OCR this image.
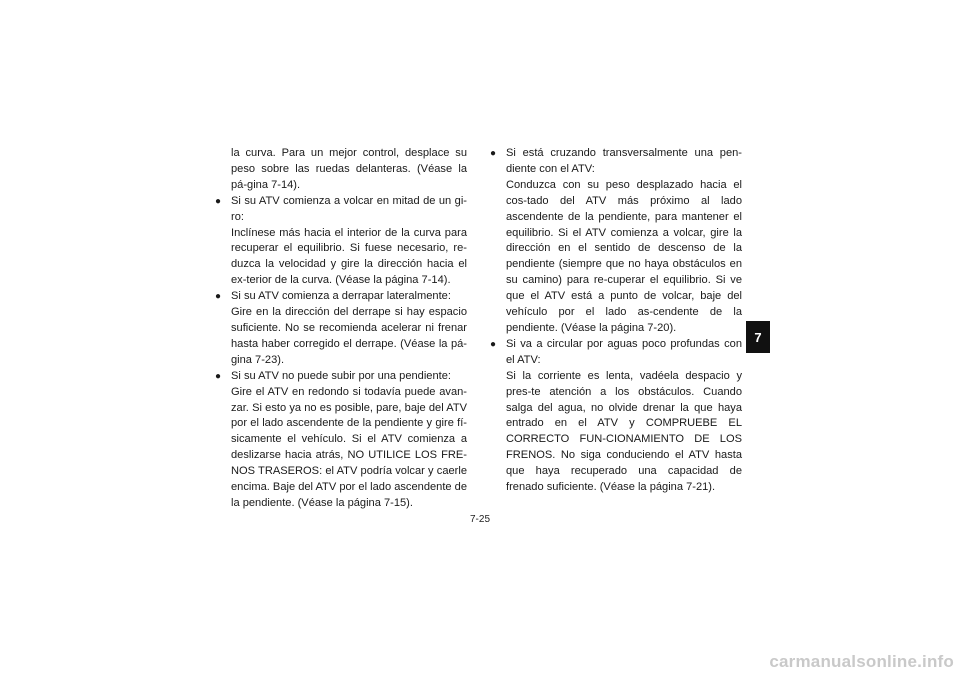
la curva. Para un mejor control, desplace su peso sobre las ruedas delanteras. (Véase la pá-gina 7-14).

● Si su ATV comienza a volcar en mitad de un gi-ro:
Inclínese más hacia el interior de la curva para recuperar el equilibrio. Si fuese necesario, re-duzca la velocidad y gire la dirección hacia el ex-terior de la curva. (Véase la página 7-14).

● Si su ATV comienza a derrapar lateralmente:
Gire en la dirección del derrape si hay espacio suficiente. No se recomienda acelerar ni frenar hasta haber corregido el derrape. (Véase la pá-gina 7-23).

● Si su ATV no puede subir por una pendiente:
Gire el ATV en redondo si todavía puede avan-zar. Si esto ya no es posible, pare, baje del ATV por el lado ascendente de la pendiente y gire fí-sicamente el vehículo. Si el ATV comienza a deslizarse hacia atrás, NO UTILICE LOS FRE-NOS TRASEROS: el ATV podría volcar y caerle encima. Baje del ATV por el lado ascendente de la pendiente. (Véase la página 7-15).

● Si está cruzando transversalmente una pen-diente con el ATV:
Conduzca con su peso desplazado hacia el cos-tado del ATV más próximo al lado ascendente de la pendiente, para mantener el equilibrio. Si el ATV comienza a volcar, gire la dirección en el sentido de descenso de la pendiente (siempre que no haya obstáculos en su camino) para re-cuperar el equilibrio. Si ve que el ATV está a punto de volcar, baje del vehículo por el lado as-cendente de la pendiente. (Véase la página 7-20).

● Si va a circular por aguas poco profundas con el ATV:
Si la corriente es lenta, vadéela despacio y pres-te atención a los obstáculos. Cuando salga del agua, no olvide drenar la que haya entrado en el ATV y COMPRUEBE EL CORRECTO FUN-CIONAMIENTO DE LOS FRENOS. No siga conduciendo el ATV hasta que haya recuperado una capacidad de frenado suficiente. (Véase la página 7-21).

7
7-25
carmanualsonline.info
